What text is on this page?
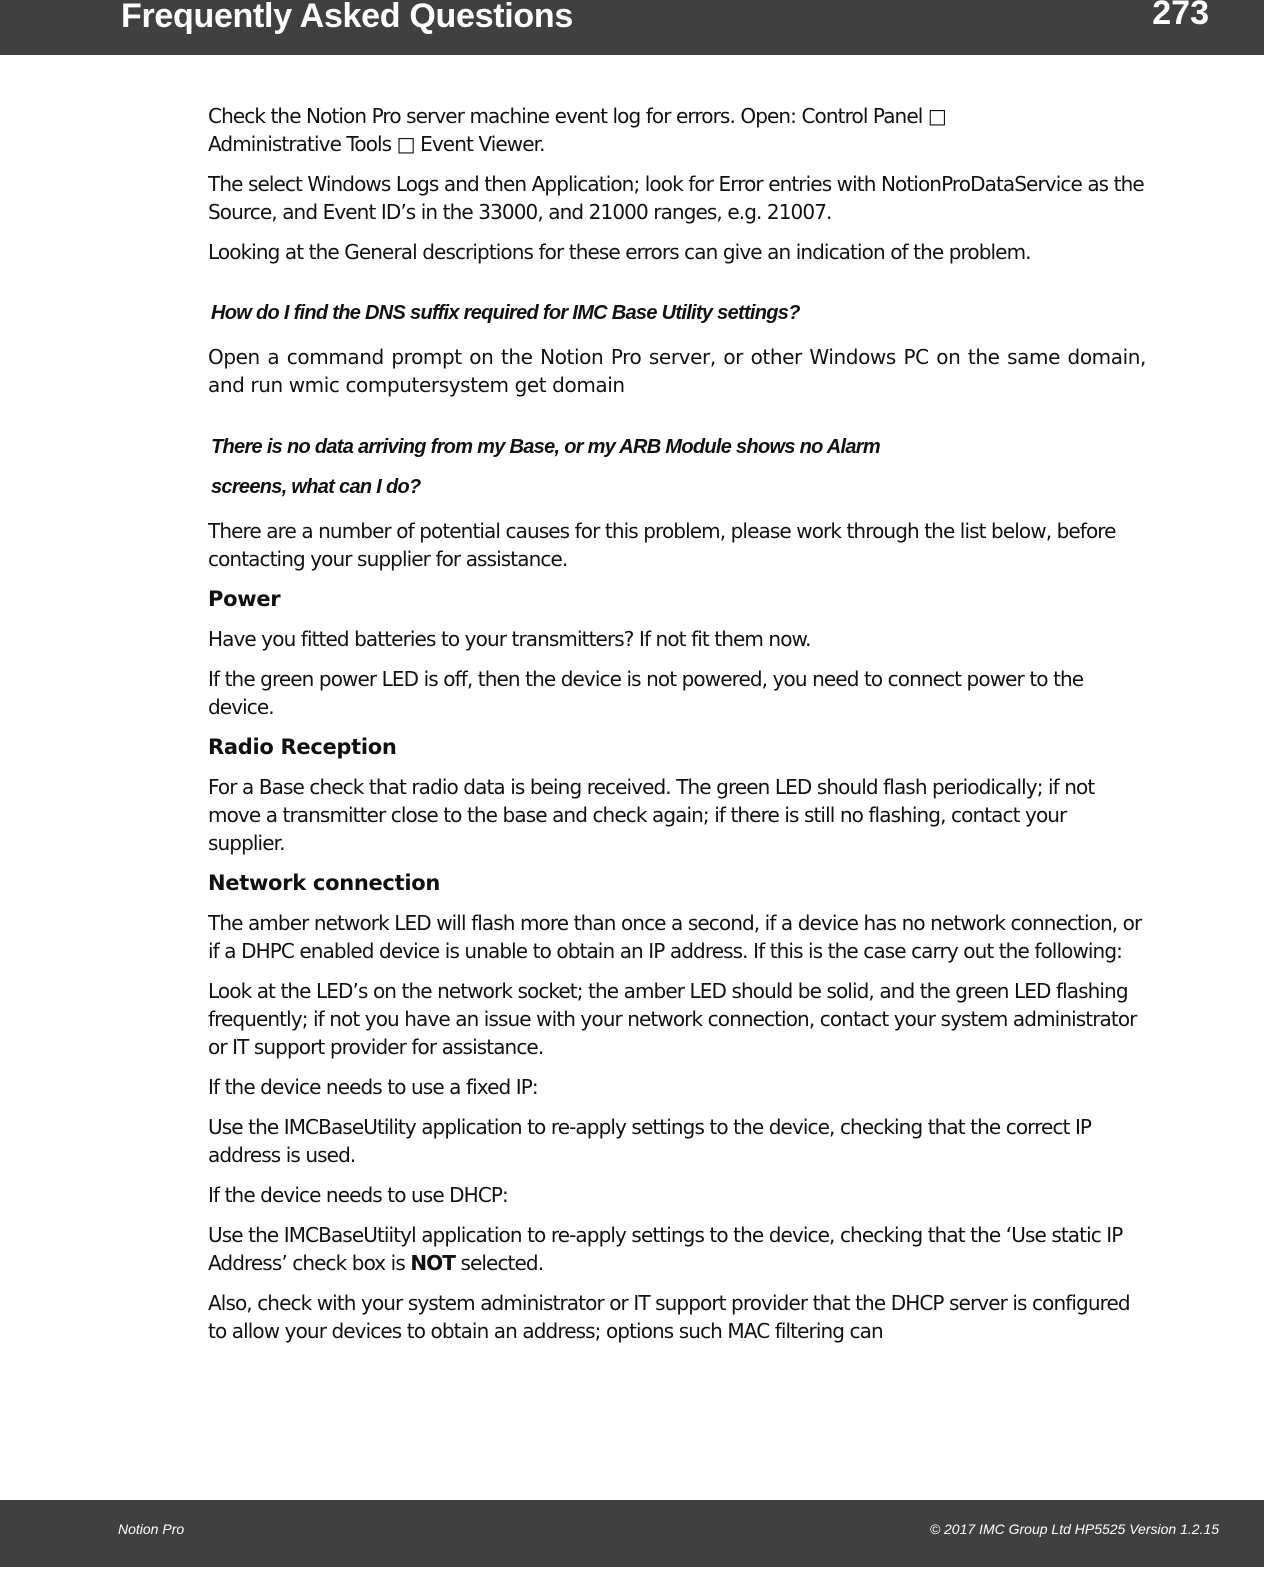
Frequently Asked Questions	273

Check the Notion Pro server machine event log for errors. Open: Control Panel □
Administrative Tools □ Event Viewer.

The select Windows Logs and then Application; look for Error entries with NotionProDataService as the Source, and Event ID’s in the 33000, and 21000 ranges, e.g. 21007.

Looking at the General descriptions for these errors can give an indication of the problem.

How do I find the DNS suffix required for IMC Base Utility settings?

Open a command prompt on the Notion Pro server, or other Windows PC on the same domain, and run wmic computersystem get domain

There is no data arriving from my Base, or my ARB Module shows no Alarm
screens, what can I do?

There are a number of potential causes for this problem, please work through the list below, before contacting your supplier for assistance.

Power

Have you fitted batteries to your transmitters? If not fit them now.

If the green power LED is off, then the device is not powered, you need to connect power to the device.

Radio Reception

For a Base check that radio data is being received. The green LED should flash periodically; if not move a transmitter close to the base and check again; if there is still no flashing, contact your supplier.

Network connection

The amber network LED will flash more than once a second, if a device has no network connection, or if a DHPC enabled device is unable to obtain an IP address. If this is the case carry out the following:

Look at the LED’s on the network socket; the amber LED should be solid, and the green LED flashing frequently; if not you have an issue with your network connection, contact your system administrator or IT support provider for assistance.

If the device needs to use a fixed IP:

Use the IMCBaseUtility application to re-apply settings to the device, checking that the correct IP address is used.

If the device needs to use DHCP:

Use the IMCBaseUtiityl application to re-apply settings to the device, checking that the ‘Use static IP Address’ check box is NOT selected.

Also, check with your system administrator or IT support provider that the DHCP server is configured to allow your devices to obtain an address; options such MAC filtering can

Notion Pro	© 2017 IMC Group Ltd HP5525 Version 1.2.15
